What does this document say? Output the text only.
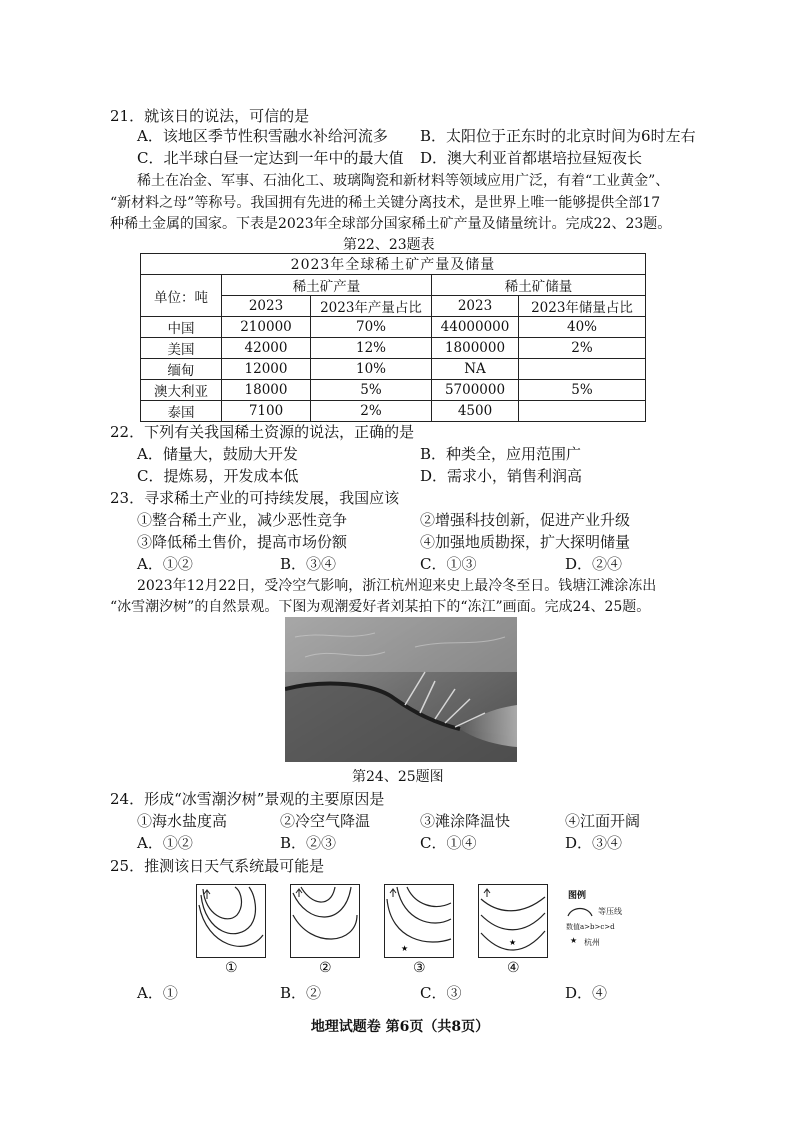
21．就该日的说法，可信的是
A．该地区季节性积雪融水补给河流多 B．太阳位于正东时的北京时间为6时左右
C．北半球白昼一定达到一年中的最大值 D．澳大利亚首都堪培拉昼短夜长
稀土在冶金、军事、石油化工、玻璃陶瓷和新材料等领域应用广泛，有着“工业黄金”、
“新材料之母”等称号。我国拥有先进的稀土关键分离技术，是世界上唯一能够提供全部17
种稀土金属的国家。下表是2023年全球部分国家稀土矿产量及储量统计。完成22、23题。
第22、23题表
2023年全球稀土矿产量及储量				
单位：吨	稀土矿产量		稀土矿储量	
	2023	2023年产量占比	2023	2023年储量占比
中国	210000	70%	44000000	40%
美国	42000	12%	1800000	2%
缅甸	12000	10%	NA	
澳大利亚	18000	5%	5700000	5%
泰国	7100	2%	4500	
22．下列有关我国稀土资源的说法，正确的是
A．储量大，鼓励大开发	B．种类全，应用范围广
C．提炼易，开发成本低	D．需求小，销售利润高
23．寻求稀土产业的可持续发展，我国应该
①整合稀土产业，减少恶性竞争	②增强科技创新，促进产业升级
③降低稀土售价，提高市场份额	④加强地质勘探，扩大探明储量
A．①②	B．③④	C．①③	D．②④
2023年12月22日，受冷空气影响，浙江杭州迎来史上最冷冬至日。钱塘江滩涂冻出
“冰雪潮汐树”的自然景观。下图为观潮爱好者刘某拍下的“冻江”画面。完成24、25题。
第24、25题图
24．形成“冰雪潮汐树”景观的主要原因是
①海水盐度高	②冷空气降温	③滩涂降温快	④江面开阔
A．①②	B．②③	C．①④	D．③④
25．推测该日天气系统最可能是
★
★
①	②	③	④
图例
等压线
数值a>b>c>d
★ 杭州
A．①	B．②	C．③	D．④
地理试题卷 第6页（共8页）
